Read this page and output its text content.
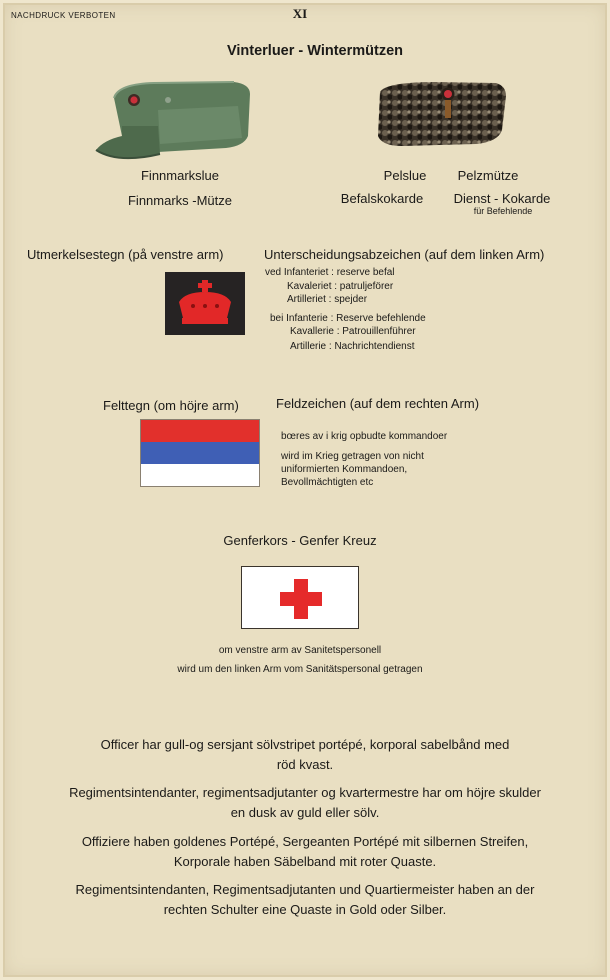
NACHDRUCK VERBOTEN	XI
Vinterluer - Wintermützen
Finnmarkslue
Finnmarks -Mütze
Pelslue	Pelzmütze
Befalskokarde	Dienst - Kokarde
für Befehlende
Utmerkelsestegn (på venstre arm)	Unterscheidungsabzeichen (auf dem linken Arm)
ved Infanteriet : reserve befal
Kavaleriet : patruljeförer
Artilleriet : spejder
bei Infanterie : Reserve befehlende
Kavallerie : Patrouillenführer
Artillerie : Nachrichtendienst
Felttegn (om höjre arm)	Feldzeichen (auf dem rechten Arm)
bœres av i krig opbudte kommandoer
wird im Krieg getragen von nicht
uniformierten Kommandoen,
Bevollmächtigten etc
Genferkors - Genfer Kreuz
om venstre arm av Sanitetspersonell
wird um den linken Arm vom Sanitätspersonal getragen
Officer har gull-og sersjant sölvstripet portépé, korporal sabelbånd med
röd kvast.
Regimentsintendanter, regimentsadjutanter og kvartermestre har om höjre skulder
en dusk av guld eller sölv.
Offiziere haben goldenes Portépé, Sergeanten Portépé mit silbernen Streifen,
Korporale haben Säbelband mit roter Quaste.
Regimentsintendanten, Regimentsadjutanten und Quartiermeister haben an der
rechten Schulter eine Quaste in Gold oder Silber.
